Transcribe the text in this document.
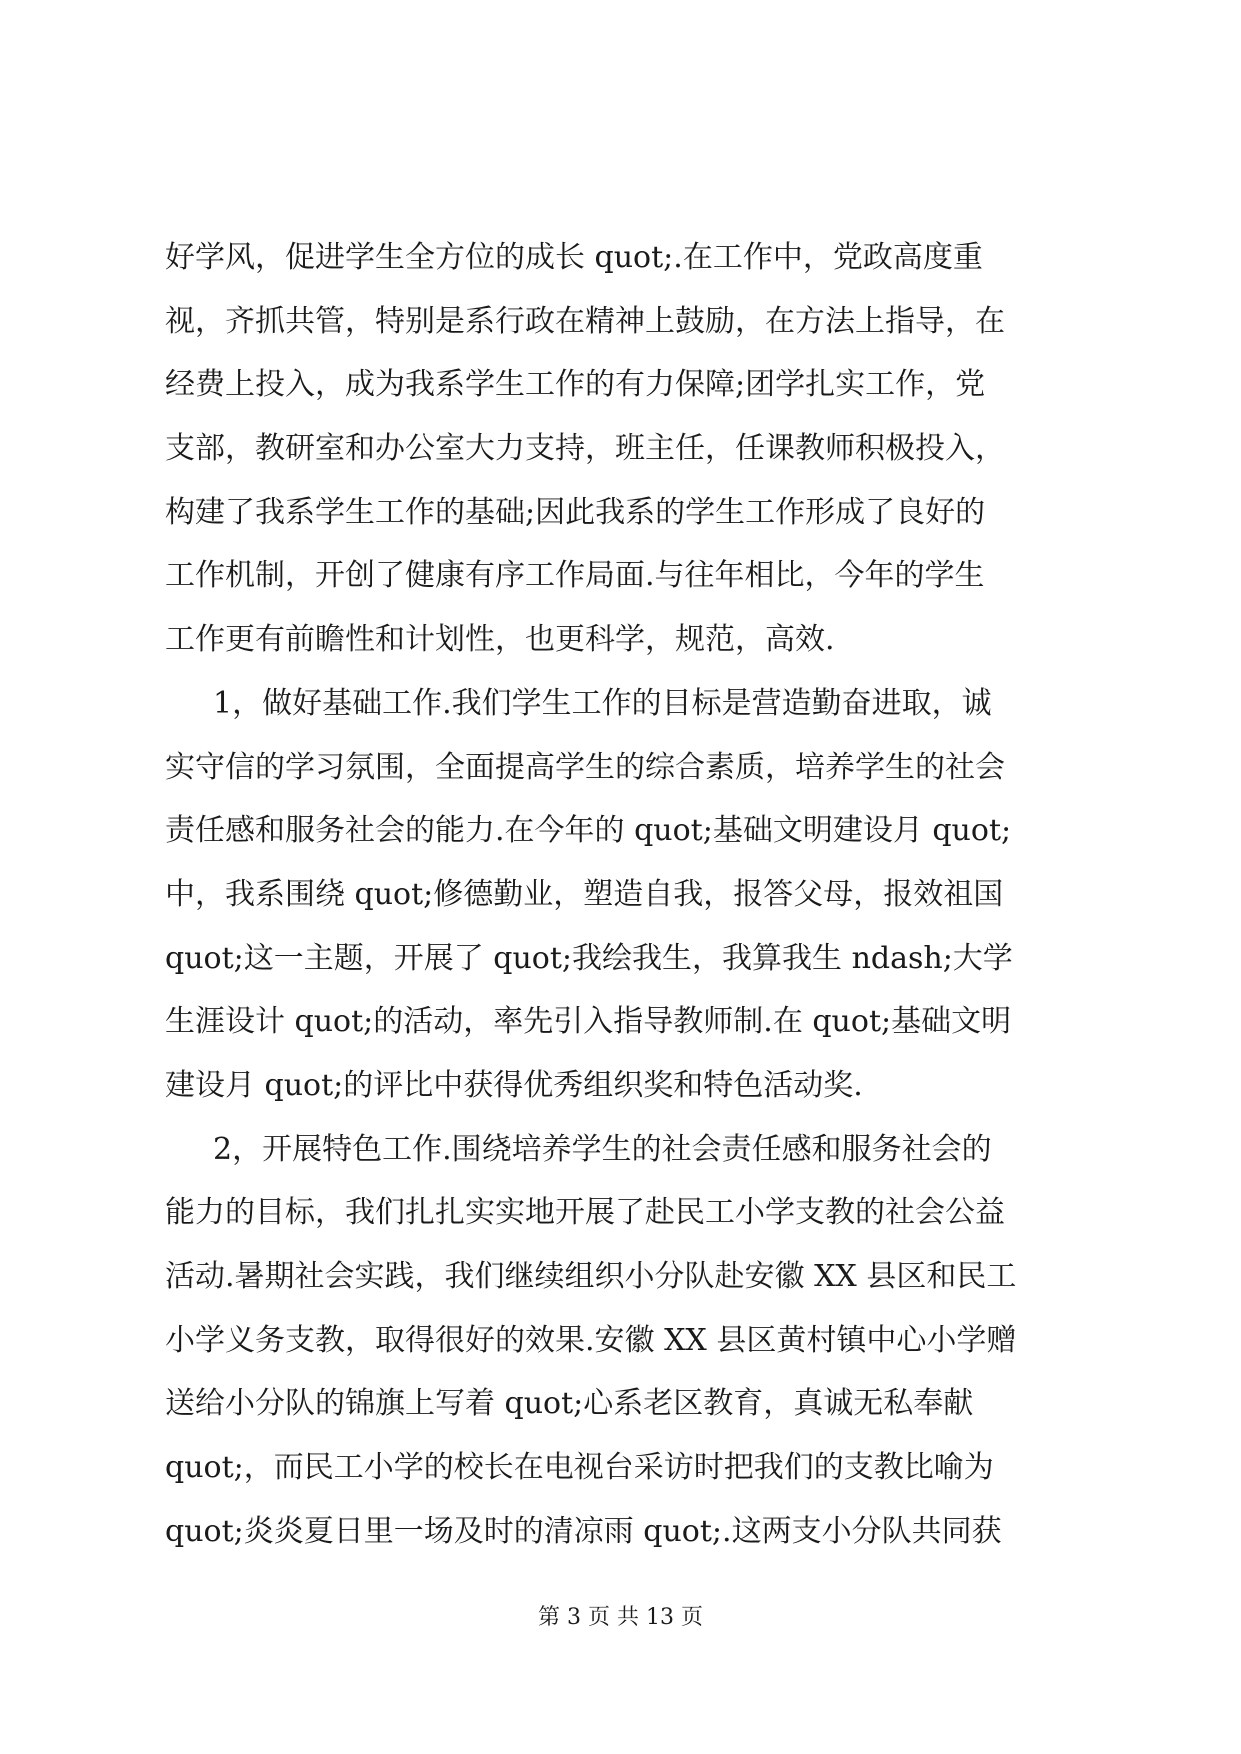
好学风，促进学生全方位的成长 quot;.在工作中，党政高度重
视，齐抓共管，特别是系行政在精神上鼓励，在方法上指导，在
经费上投入，成为我系学生工作的有力保障;团学扎实工作，党
支部，教研室和办公室大力支持，班主任，任课教师积极投入，
构建了我系学生工作的基础;因此我系的学生工作形成了良好的
工作机制，开创了健康有序工作局面.与往年相比，今年的学生
工作更有前瞻性和计划性，也更科学，规范，高效.
1，做好基础工作.我们学生工作的目标是营造勤奋进取，诚
实守信的学习氛围，全面提高学生的综合素质，培养学生的社会
责任感和服务社会的能力.在今年的 quot;基础文明建设月 quot;
中，我系围绕 quot;修德勤业，塑造自我，报答父母，报效祖国
quot;这一主题，开展了 quot;我绘我生，我算我生 ndash;大学
生涯设计 quot;的活动，率先引入指导教师制.在 quot;基础文明
建设月 quot;的评比中获得优秀组织奖和特色活动奖.
2，开展特色工作.围绕培养学生的社会责任感和服务社会的
能力的目标，我们扎扎实实地开展了赴民工小学支教的社会公益
活动.暑期社会实践，我们继续组织小分队赴安徽 XX 县区和民工
小学义务支教，取得很好的效果.安徽 XX 县区黄村镇中心小学赠
送给小分队的锦旗上写着 quot;心系老区教育，真诚无私奉献
quot;，而民工小学的校长在电视台采访时把我们的支教比喻为
quot;炎炎夏日里一场及时的清凉雨 quot;.这两支小分队共同获
第 3 页 共 13 页
